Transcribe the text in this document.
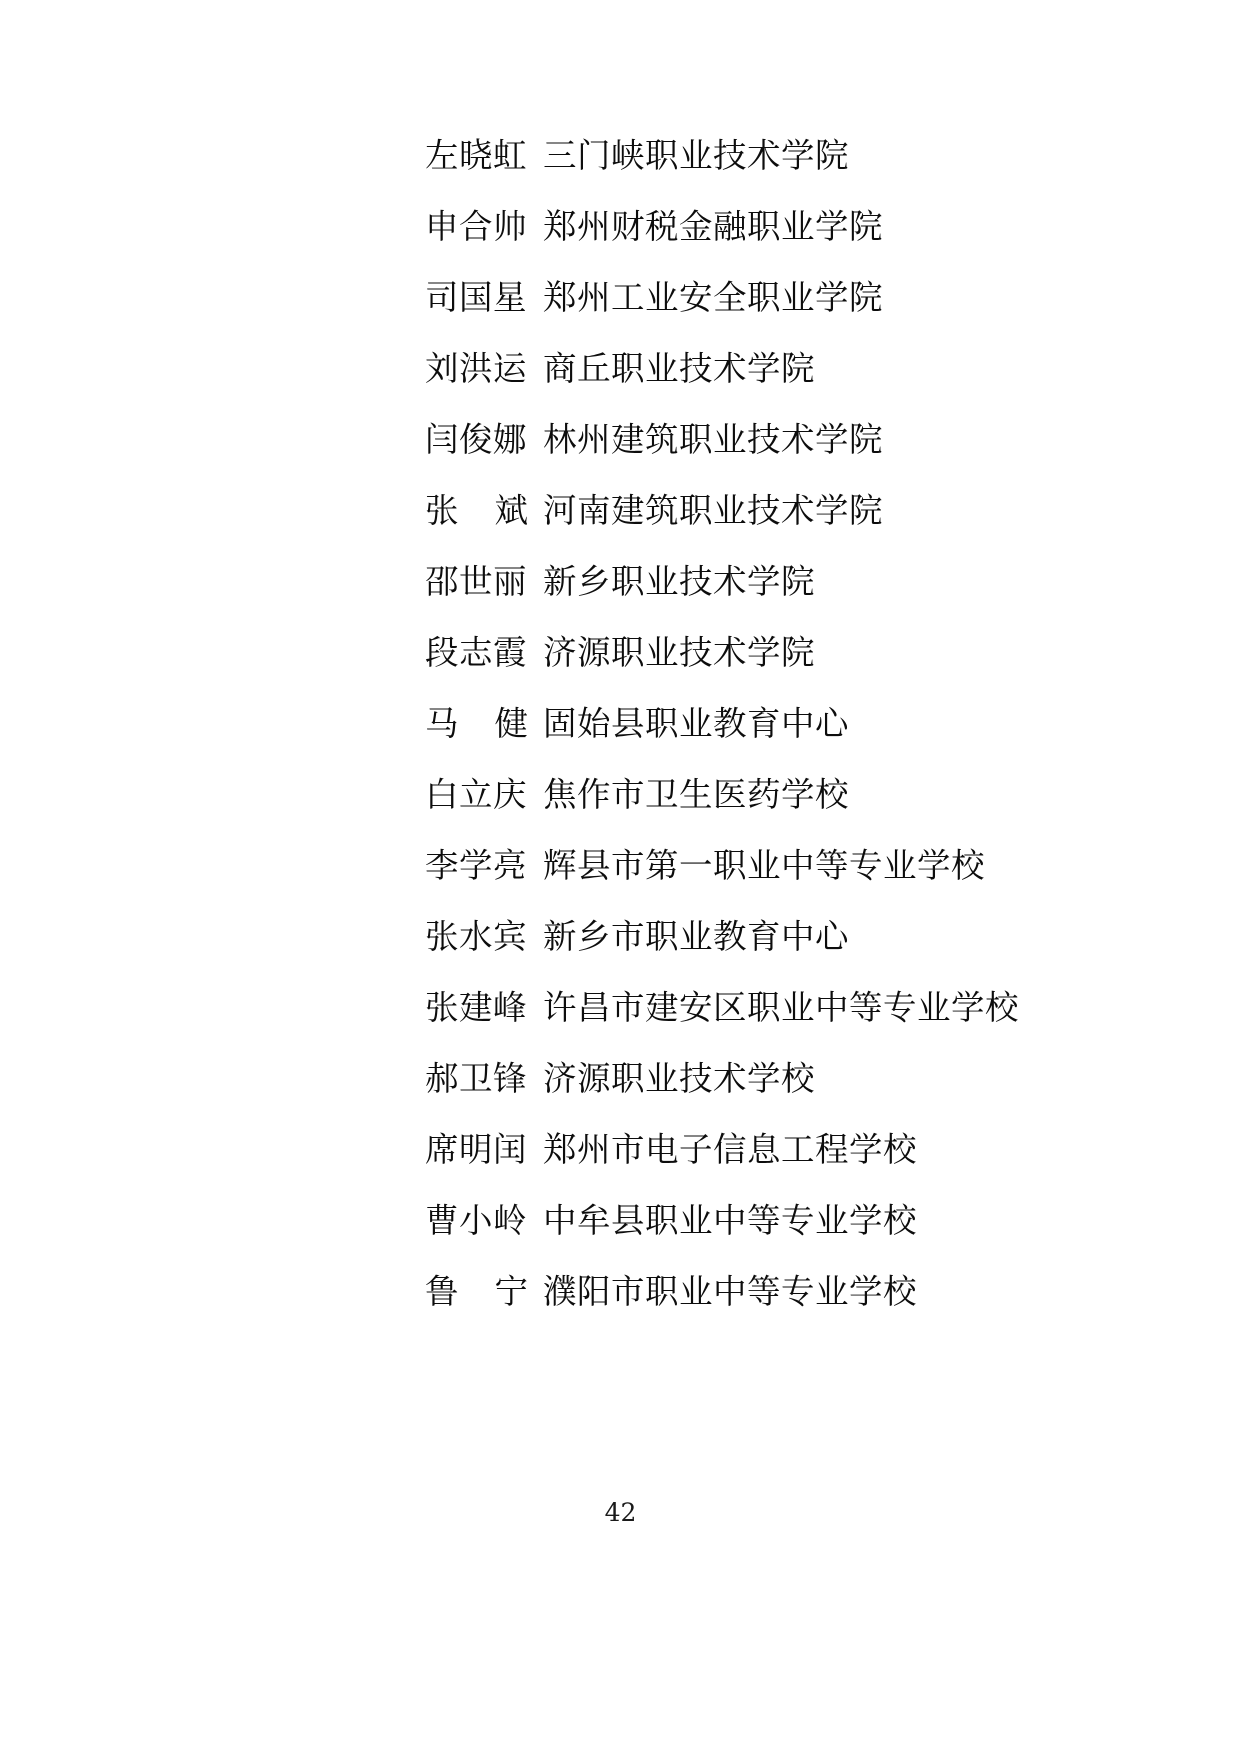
左晓虹 三门峡职业技术学院
申合帅 郑州财税金融职业学院
司国星 郑州工业安全职业学院
刘洪运 商丘职业技术学院
闫俊娜 林州建筑职业技术学院
张 斌 河南建筑职业技术学院
邵世丽 新乡职业技术学院
段志霞 济源职业技术学院
马 健 固始县职业教育中心
白立庆 焦作市卫生医药学校
李学亮 辉县市第一职业中等专业学校
张水宾 新乡市职业教育中心
张建峰 许昌市建安区职业中等专业学校
郝卫锋 济源职业技术学校
席明闰 郑州市电子信息工程学校
曹小岭 中牟县职业中等专业学校
鲁 宁 濮阳市职业中等专业学校
42
